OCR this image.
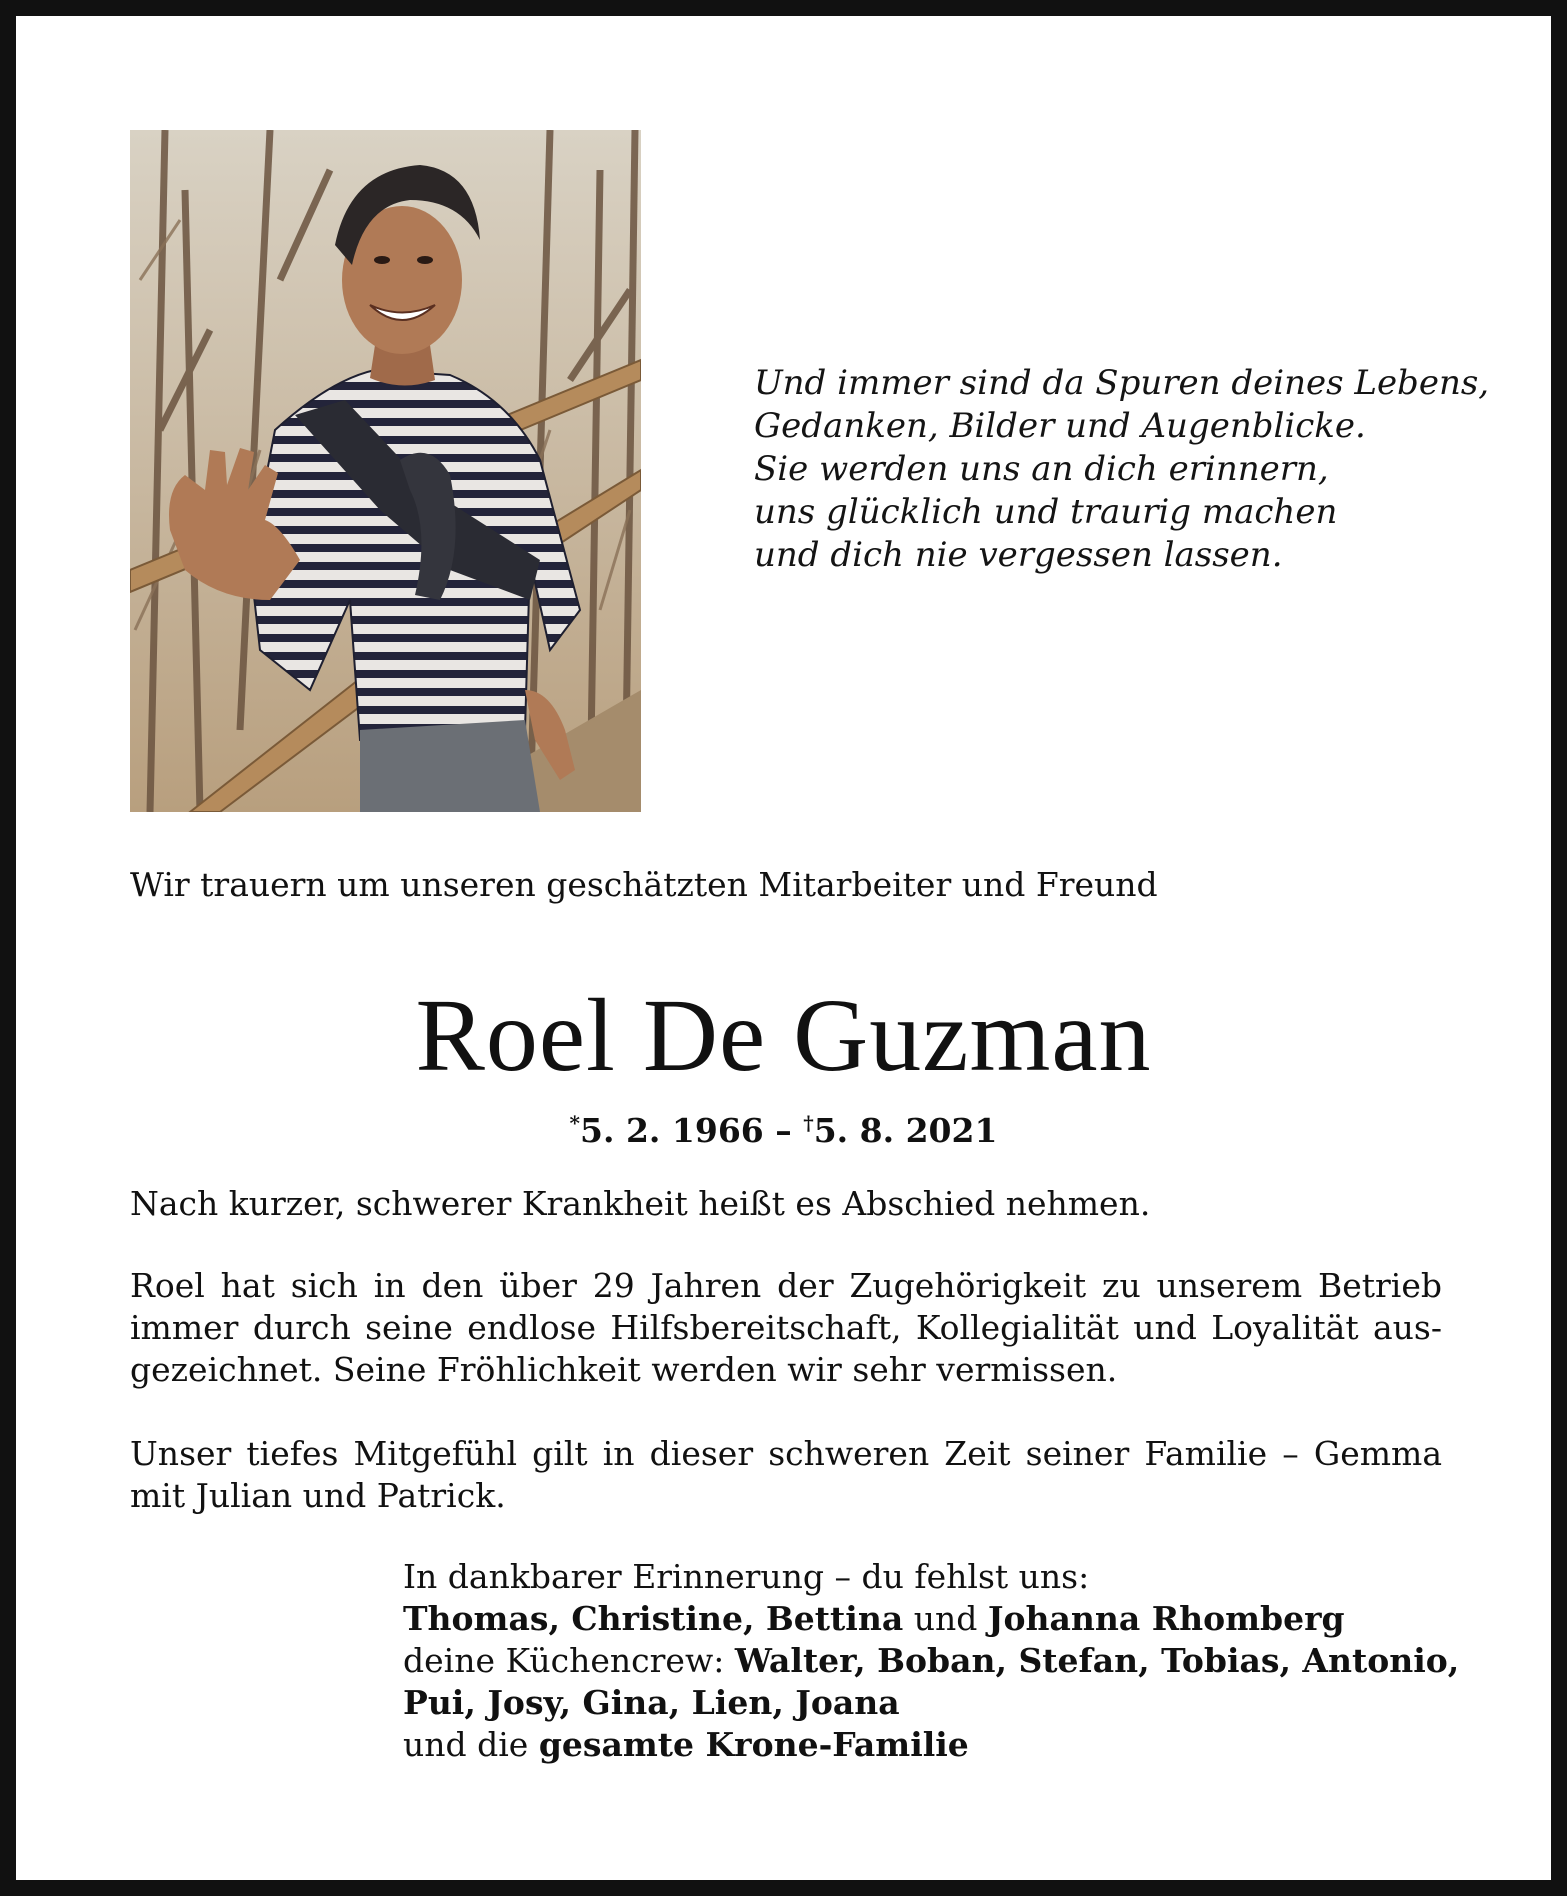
Und immer sind da Spuren deines Lebens,
Gedanken, Bilder und Augenblicke.
Sie werden uns an dich erinnern,
uns glücklich und traurig machen
und dich nie vergessen lassen.
Wir trauern um unseren geschätzten Mitarbeiter und Freund
Roel De Guzman
*5. 2. 1966 – †5. 8. 2021
Nach kurzer, schwerer Krankheit heißt es Abschied nehmen.
Roel hat sich in den über 29 Jahren der Zugehörigkeit zu unserem Betrieb immer durch seine endlose Hilfsbereitschaft, Kollegialität und Loyalität ausgezeichnet. Seine Fröhlichkeit werden wir sehr vermissen.
Unser tiefes Mitgefühl gilt in dieser schweren Zeit seiner Familie – Gemma mit Julian und Patrick.
In dankbarer Erinnerung – du fehlst uns:
Thomas, Christine, Bettina und Johanna Rhomberg
deine Küchencrew: Walter, Boban, Stefan, Tobias, Antonio,
Pui, Josy, Gina, Lien, Joana
und die gesamte Krone-Familie
